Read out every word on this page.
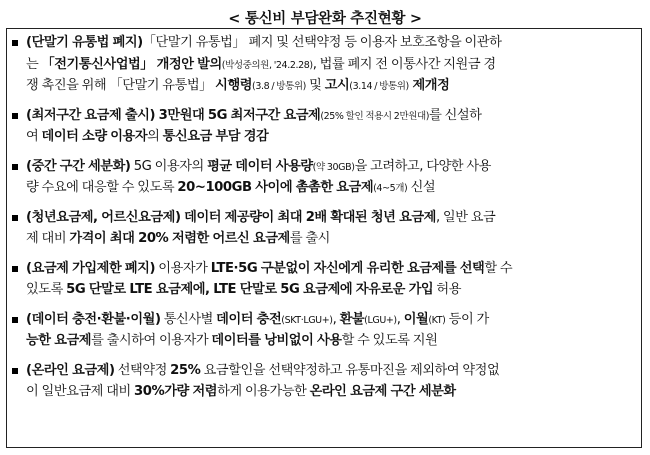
< 통신비 부담완화 추진현황 >
(단말기 유통법 폐지)「단말기 유통법」 폐지 및 선택약정 등 이용자 보호조항을 이관하
는 「전기통신사업법」 개정안 발의(박성중의원, '24.2.28), 법률 폐지 전 이통사간 지원금 경
쟁 촉진을 위해 「단말기 유통법」 시행령(3.8 / 방통위) 및 고시(3.14 / 방통위) 제개정
(최저구간 요금제 출시) 3만원대 5G 최저구간 요금제(25% 할인 적용시 2만원대)를 신설하
여 데이터 소량 이용자의 통신요금 부담 경감
(중간 구간 세분화) 5G 이용자의 평균 데이터 사용량(약 30GB)을 고려하고, 다양한 사용
량 수요에 대응할 수 있도록 20~100GB 사이에 촘촘한 요금제(4~5개) 신설
(청년요금제, 어르신요금제) 데이터 제공량이 최대 2배 확대된 청년 요금제, 일반 요금
제 대비 가격이 최대 20% 저렴한 어르신 요금제를 출시
(요금제 가입제한 폐지) 이용자가 LTE·5G 구분없이 자신에게 유리한 요금제를 선택할 수
있도록 5G 단말로 LTE 요금제에, LTE 단말로 5G 요금제에 자유로운 가입 허용
(데이터 충전·환불·이월) 통신사별 데이터 충전(SKT·LGU+), 환불(LGU+), 이월(KT) 등이 가
능한 요금제를 출시하여 이용자가 데이터를 낭비없이 사용할 수 있도록 지원
(온라인 요금제) 선택약정 25% 요금할인을 선택약정하고 유통마진을 제외하여 약정없
이 일반요금제 대비 30%가량 저렴하게 이용가능한 온라인 요금제 구간 세분화
